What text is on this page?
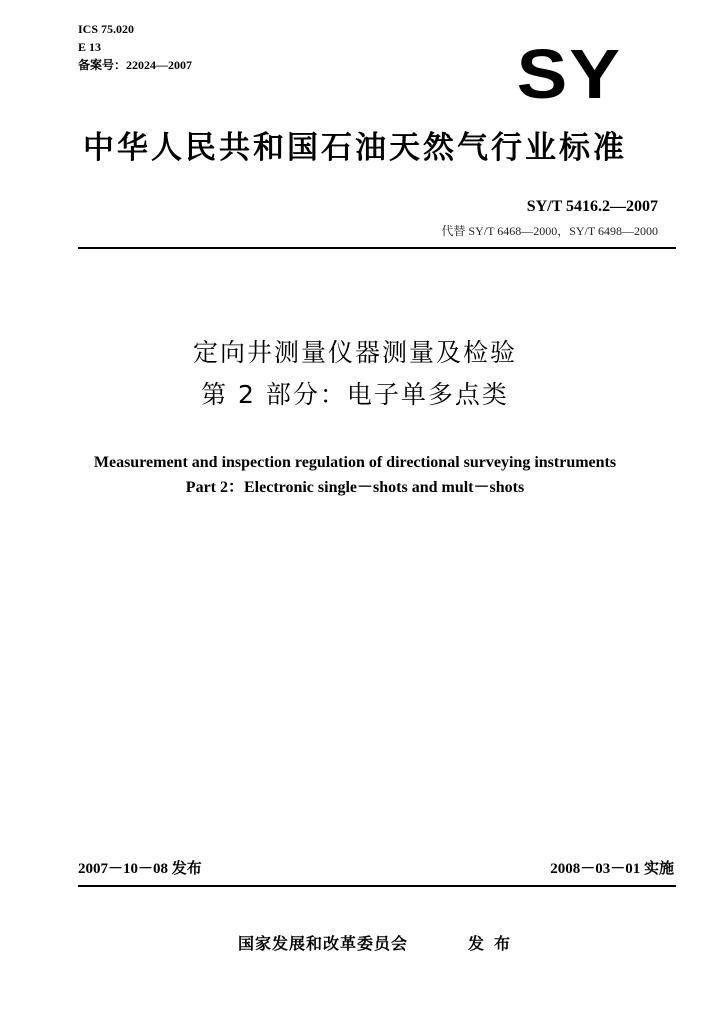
ICS 75.020
E 13
备案号：22024—2007	SY
中华人民共和国石油天然气行业标准
SY/T 5416.2—2007
代替 SY/T 6468—2000，SY/T 6498—2000
定向井测量仪器测量及检验
第 2 部分：电子单多点类
Measurement and inspection regulation of directional surveying instruments
Part 2：Electronic single－shots and mult－shots
2007－10－08 发布	2008－03－01 实施
国家发展和改革委员会	发布
